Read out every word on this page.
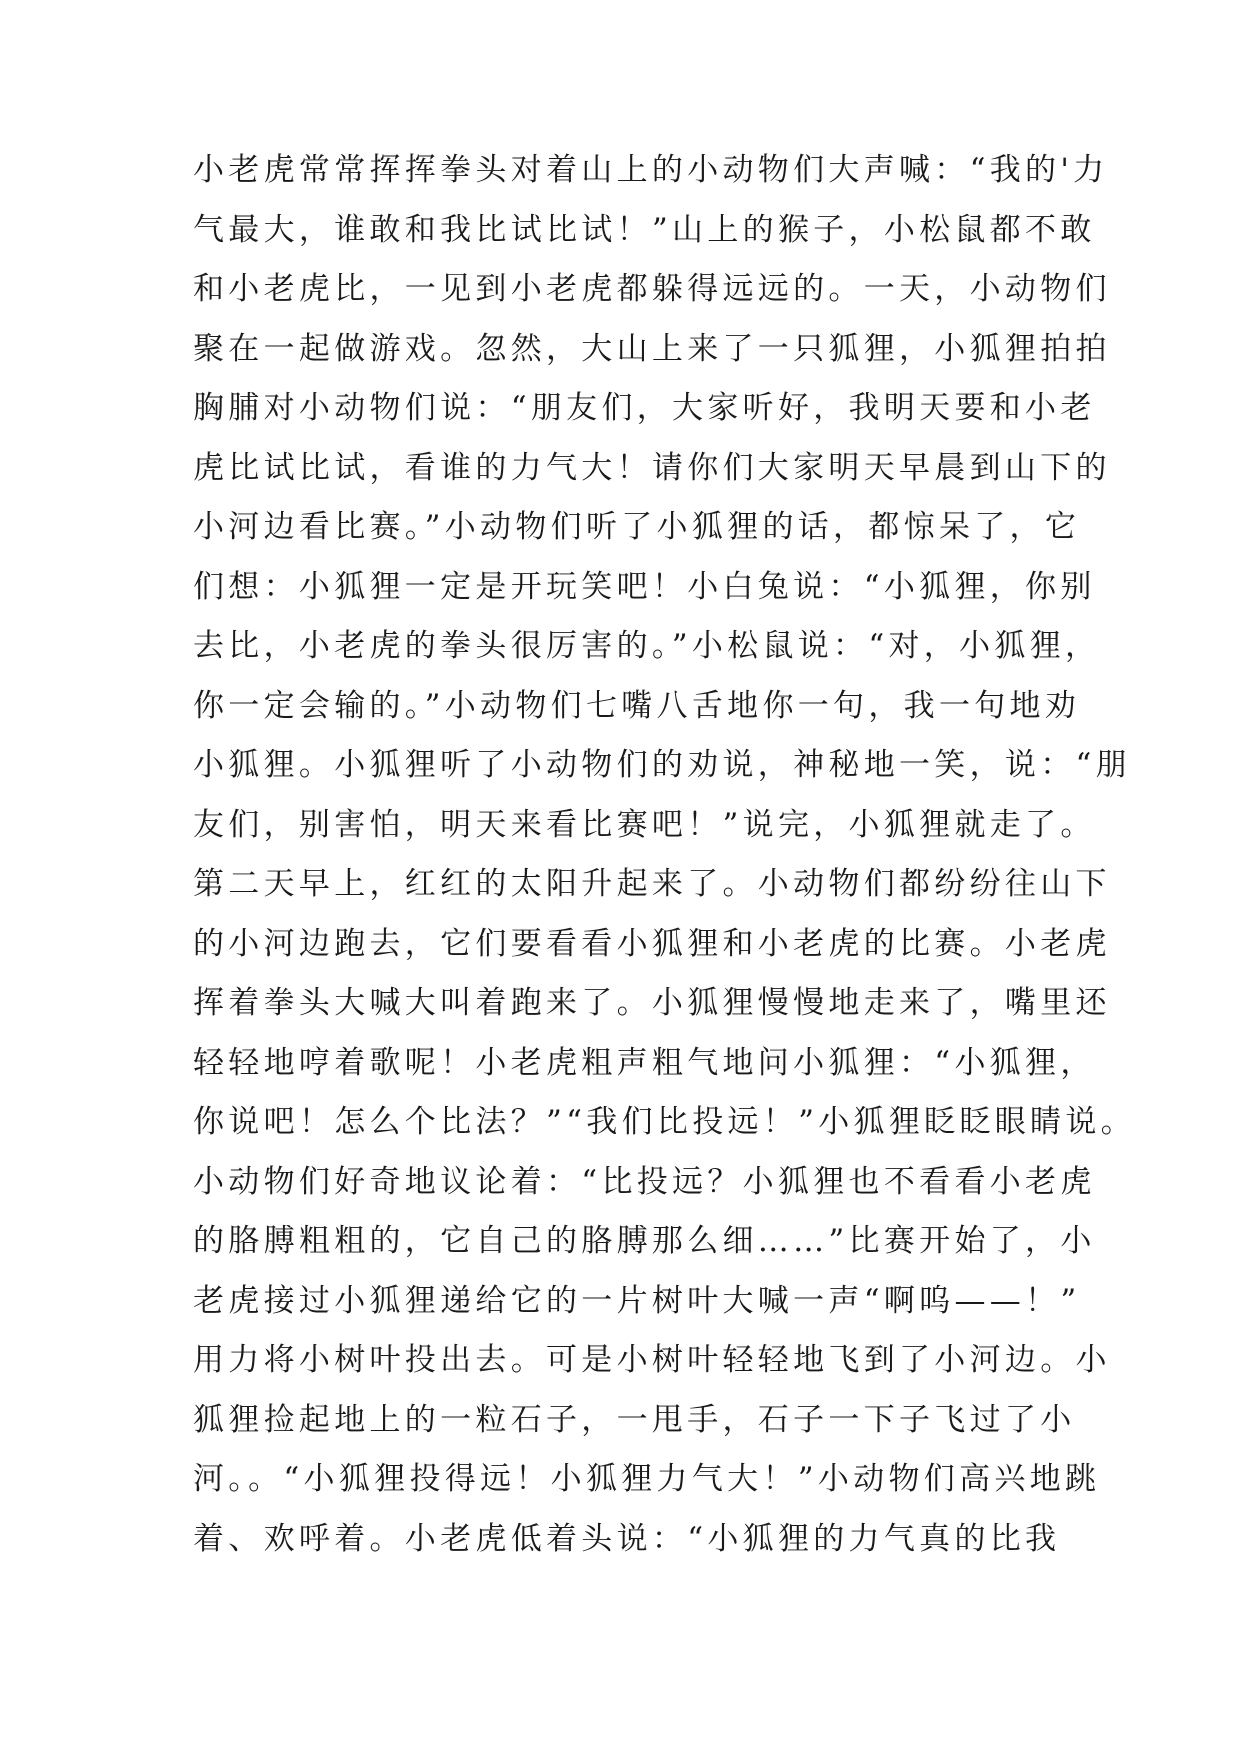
小老虎常常挥挥拳头对着山上的小动物们大声喊：“我的'力
气最大，谁敢和我比试比试！”山上的猴子，小松鼠都不敢
和小老虎比，一见到小老虎都躲得远远的。一天，小动物们
聚在一起做游戏。忽然，大山上来了一只狐狸，小狐狸拍拍
胸脯对小动物们说：“朋友们，大家听好，我明天要和小老
虎比试比试，看谁的力气大！请你们大家明天早晨到山下的
小河边看比赛。”小动物们听了小狐狸的话，都惊呆了，它
们想：小狐狸一定是开玩笑吧！小白兔说：“小狐狸，你别
去比，小老虎的拳头很厉害的。”小松鼠说：“对，小狐狸，
你一定会输的。”小动物们七嘴八舌地你一句，我一句地劝
小狐狸。小狐狸听了小动物们的劝说，神秘地一笑，说：“朋
友们，别害怕，明天来看比赛吧！”说完，小狐狸就走了。
第二天早上，红红的太阳升起来了。小动物们都纷纷往山下
的小河边跑去，它们要看看小狐狸和小老虎的比赛。小老虎
挥着拳头大喊大叫着跑来了。小狐狸慢慢地走来了，嘴里还
轻轻地哼着歌呢！小老虎粗声粗气地问小狐狸：“小狐狸，
你说吧！怎么个比法？”“我们比投远！”小狐狸眨眨眼睛说。
小动物们好奇地议论着：“比投远？小狐狸也不看看小老虎
的胳膊粗粗的，它自己的胳膊那么细……”比赛开始了，小
老虎接过小狐狸递给它的一片树叶大喊一声“啊呜——！”
用力将小树叶投出去。可是小树叶轻轻地飞到了小河边。小
狐狸捡起地上的一粒石子，一甩手，石子一下子飞过了小
河。。“小狐狸投得远！小狐狸力气大！”小动物们高兴地跳
着、欢呼着。小老虎低着头说：“小狐狸的力气真的比我
